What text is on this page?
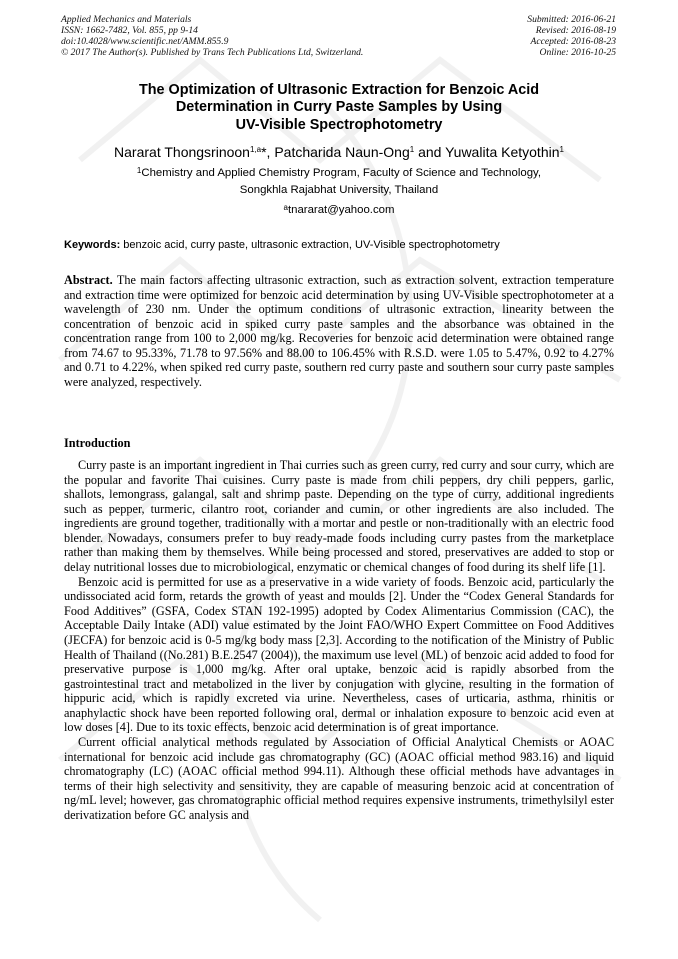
Applied Mechanics and Materials
ISSN: 1662-7482, Vol. 855, pp 9-14
doi:10.4028/www.scientific.net/AMM.855.9
© 2017 The Author(s). Published by Trans Tech Publications Ltd, Switzerland.
Submitted: 2016-06-21
Revised: 2016-08-19
Accepted: 2016-08-23
Online: 2016-10-25
The Optimization of Ultrasonic Extraction for Benzoic Acid
Determination in Curry Paste Samples by Using
UV-Visible Spectrophotometry
Nararat Thongsrinoon$^{1,a}$*, Patcharida Naun-Ong$^1$ and Yuwalita Ketyothin$^1$
$^1$Chemistry and Applied Chemistry Program, Faculty of Science and Technology,
Songkhla Rajabhat University, Thailand
$^a$tnararat@yahoo.com
Keywords: benzoic acid, curry paste, ultrasonic extraction, UV-Visible spectrophotometry
Abstract. The main factors affecting ultrasonic extraction, such as extraction solvent, extraction temperature and extraction time were optimized for benzoic acid determination by using UV-Visible spectrophotometer at a wavelength of 230 nm. Under the optimum conditions of ultrasonic extraction, linearity between the concentration of benzoic acid in spiked curry paste samples and the absorbance was obtained in the concentration range from 100 to 2,000 mg/kg. Recoveries for benzoic acid determination were obtained range from 74.67 to 95.33%, 71.78 to 97.56% and 88.00 to 106.45% with R.S.D. were 1.05 to 5.47%, 0.92 to 4.27% and 0.71 to 4.22%, when spiked red curry paste, southern red curry paste and southern sour curry paste samples were analyzed, respectively.
Introduction

Curry paste is an important ingredient in Thai curries such as green curry, red curry and sour curry, which are the popular and favorite Thai cuisines. Curry paste is made from chili peppers, dry chili peppers, garlic, shallots, lemongrass, galangal, salt and shrimp paste. Depending on the type of curry, additional ingredients such as pepper, turmeric, cilantro root, coriander and cumin, or other ingredients are also included. The ingredients are ground together, traditionally with a mortar and pestle or non-traditionally with an electric food blender. Nowadays, consumers prefer to buy ready-made foods including curry pastes from the marketplace rather than making them by themselves. While being processed and stored, preservatives are added to stop or delay nutritional losses due to microbiological, enzymatic or chemical changes of food during its shelf life [1].

Benzoic acid is permitted for use as a preservative in a wide variety of foods. Benzoic acid, particularly the undissociated acid form, retards the growth of yeast and moulds [2]. Under the “Codex General Standards for Food Additives” (GSFA, Codex STAN 192-1995) adopted by Codex Alimentarius Commission (CAC), the Acceptable Daily Intake (ADI) value estimated by the Joint FAO/WHO Expert Committee on Food Additives (JECFA) for benzoic acid is 0-5 mg/kg body mass [2,3]. According to the notification of the Ministry of Public Health of Thailand ((No.281) B.E.2547 (2004)), the maximum use level (ML) of benzoic acid added to food for preservative purpose is 1,000 mg/kg. After oral uptake, benzoic acid is rapidly absorbed from the gastrointestinal tract and metabolized in the liver by conjugation with glycine, resulting in the formation of hippuric acid, which is rapidly excreted via urine. Nevertheless, cases of urticaria, asthma, rhinitis or anaphylactic shock have been reported following oral, dermal or inhalation exposure to benzoic acid even at low doses [4]. Due to its toxic effects, benzoic acid determination is of great importance.

Current official analytical methods regulated by Association of Official Analytical Chemists or AOAC international for benzoic acid include gas chromatography (GC) (AOAC official method 983.16) and liquid chromatography (LC) (AOAC official method 994.11). Although these official methods have advantages in terms of their high selectivity and sensitivity, they are capable of measuring benzoic acid at concentration of ng/mL level; however, gas chromatographic official method requires expensive instruments, trimethylsilyl ester derivatization before GC analysis and
